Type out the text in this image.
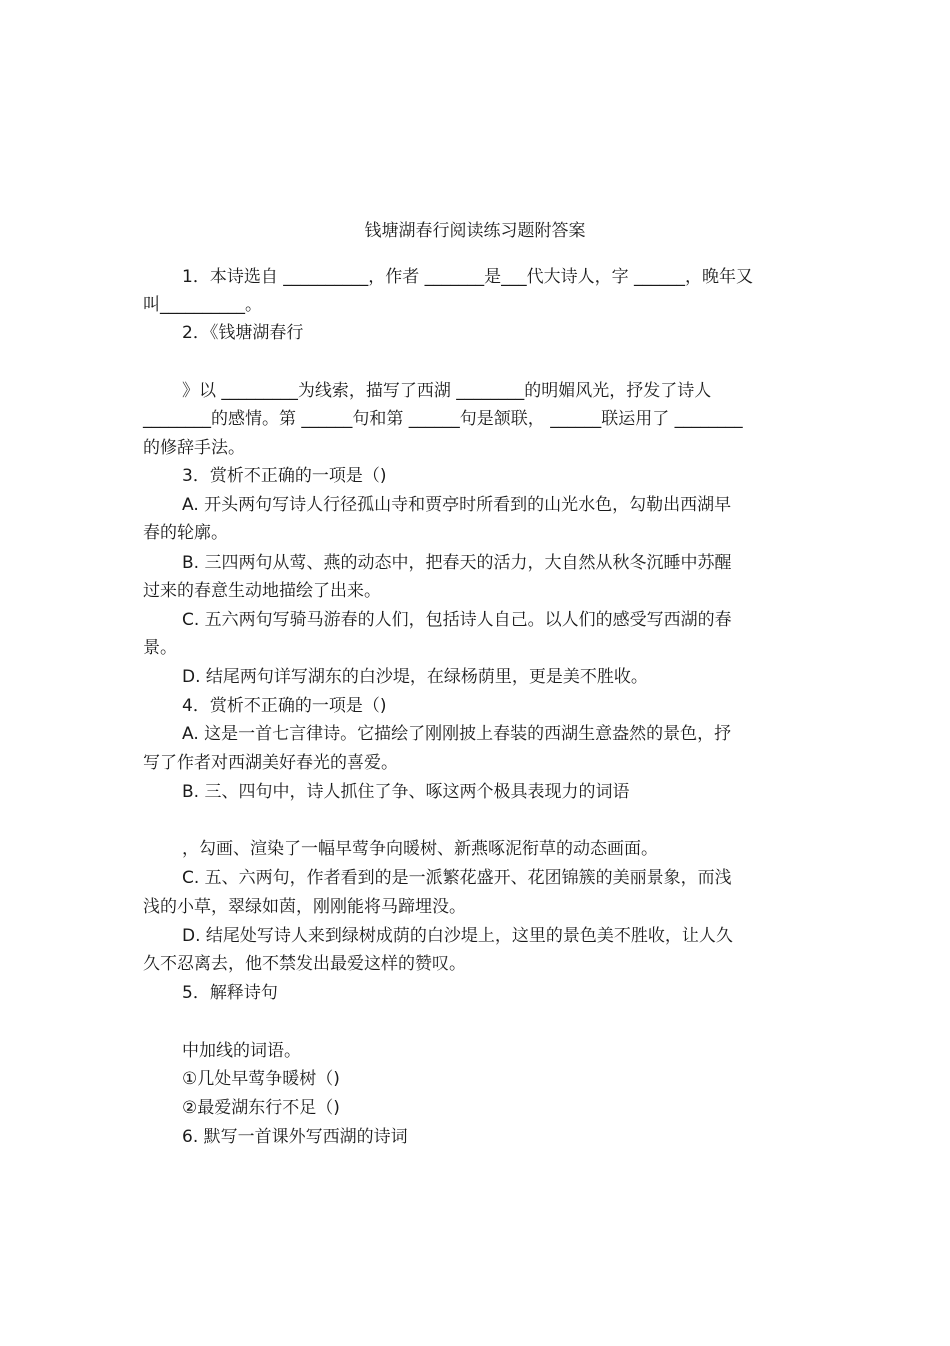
钱塘湖春行阅读练习题附答案
1．本诗选自 __________，作者 _______是___代大诗人，字 ______，晚年又
叫__________。
2．《钱塘湖春行
》以 _________为线索，描写了西湖 ________的明媚风光，抒发了诗人
________的感情。第 ______句和第 ______句是颔联， ______联运用了 ________
的修辞手法。
3．赏析不正确的一项是（)
A. 开头两句写诗人行径孤山寺和贾亭时所看到的山光水色，勾勒出西湖早
春的轮廓。
B. 三四两句从莺、燕的动态中，把春天的活力，大自然从秋冬沉睡中苏醒
过来的春意生动地描绘了出来。
C. 五六两句写骑马游春的人们，包括诗人自己。以人们的感受写西湖的春
景。
D. 结尾两句详写湖东的白沙堤，在绿杨荫里，更是美不胜收。
4．赏析不正确的一项是（)
A. 这是一首七言律诗。它描绘了刚刚披上春装的西湖生意盎然的景色，抒
写了作者对西湖美好春光的喜爱。
B. 三、四句中，诗人抓住了争、啄这两个极具表现力的词语
，勾画、渲染了一幅早莺争向暖树、新燕啄泥衔草的动态画面。
C. 五、六两句，作者看到的是一派繁花盛开、花团锦簇的美丽景象，而浅
浅的小草，翠绿如茵，刚刚能将马蹄埋没。
D. 结尾处写诗人来到绿树成荫的白沙堤上，这里的景色美不胜收，让人久
久不忍离去，他不禁发出最爱这样的赞叹。
5．解释诗句
中加线的词语。
①几处早莺争暖树（)
②最爱湖东行不足（)
6. 默写一首课外写西湖的诗词
